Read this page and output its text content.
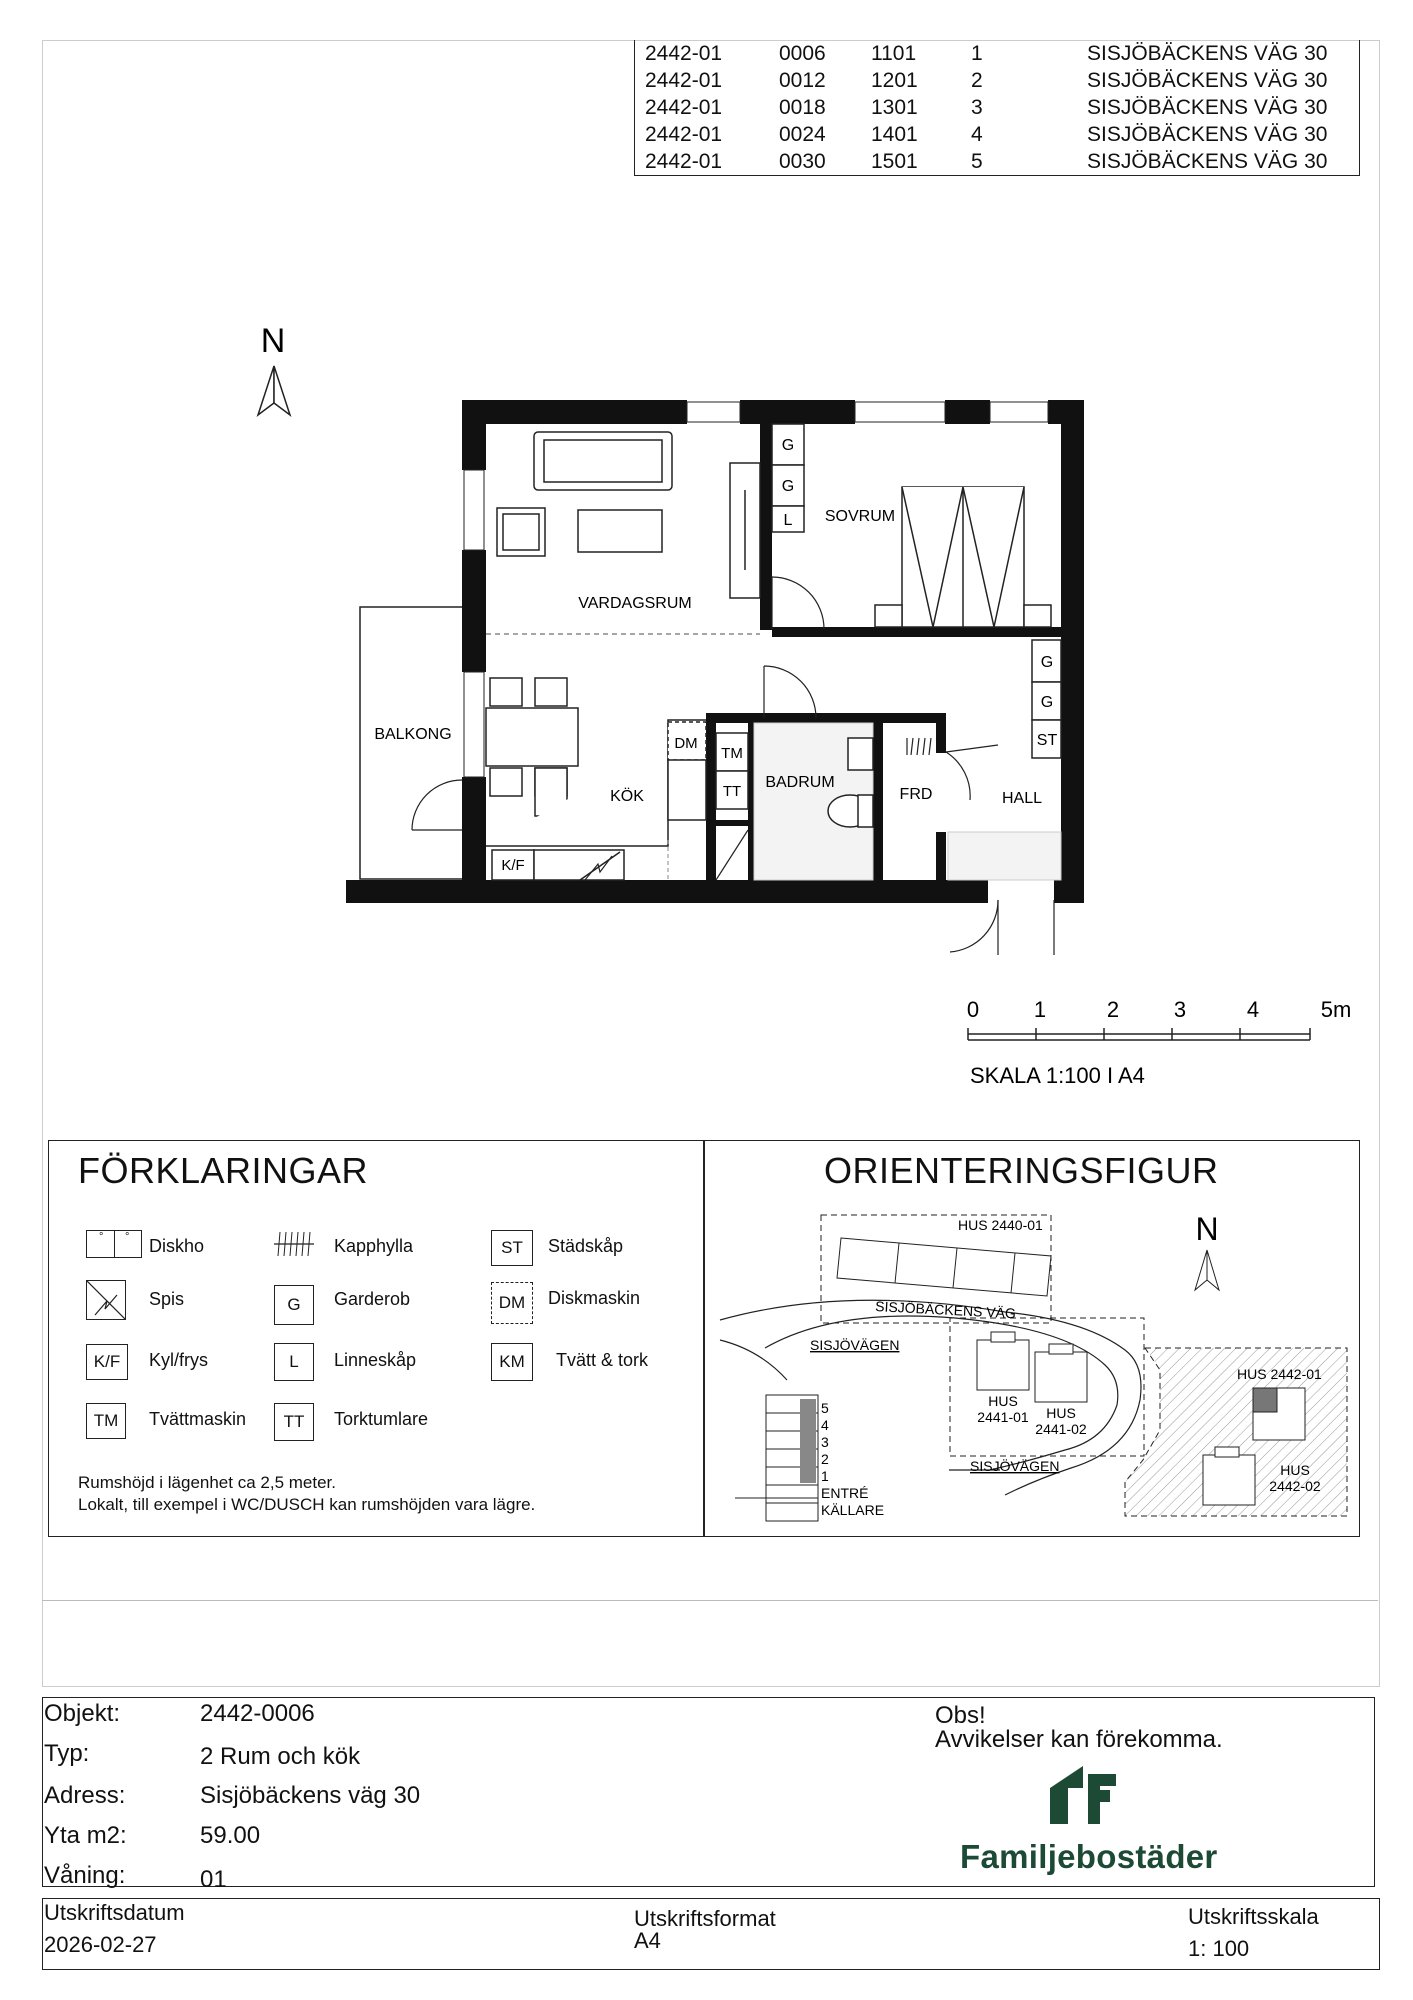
2442-01	0006	1101	1	SISJÖBÄCKENS VÄG 30
2442-01	0012	1201	2	SISJÖBÄCKENS VÄG 30
2442-01	0018	1301	3	SISJÖBÄCKENS VÄG 30
2442-01	0024	1401	4	SISJÖBÄCKENS VÄG 30
2442-01	0030	1501	5	SISJÖBÄCKENS VÄG 30
N
G
G
L
G
G
ST
DM
K/F
TM
TT
VARDAGSRUM
SOVRUM
BALKONG
KÖK
BADRUM
FRD	HALL
0 1	2 3	4	5m
SKALA 1:100 I A4
FÖRKLARINGAR
° ° Diskho
Spis
K/F	Kyl/frys
TM	Tvättmaskin
Kapphylla
G	Garderob
L	Linneskåp
TT	Torktumlare
ST	Städskåp
DM	Diskmaskin
KM	Tvätt & tork
Rumshöjd i lägenhet ca 2,5 meter.
Lokalt, till exempel i WC/DUSCH kan rumshöjden vara lägre.
ORIENTERINGSFIGUR
N
5
4
3
2
1
ENTRÉ
KÄLLARE
HUS 2440-01
SISJÖBÄCKENS VÄG
SISJÖVÄGEN
SISJÖVÄGEN
HUS
2441-01 HUS
2441-02
HUS 2442-01
HUS
2442-02
Objekt:	2442-0006
Typ:	2 Rum och kök
Adress:	Sisjöbäckens väg 30
Yta m2:	59.00
Våning:	01
Obs!
Avvikelser kan förekomma.
Familjebostäder
Utskriftsdatum
2026-02-27
Utskriftsformat
A4
Utskriftsskala
1: 100
